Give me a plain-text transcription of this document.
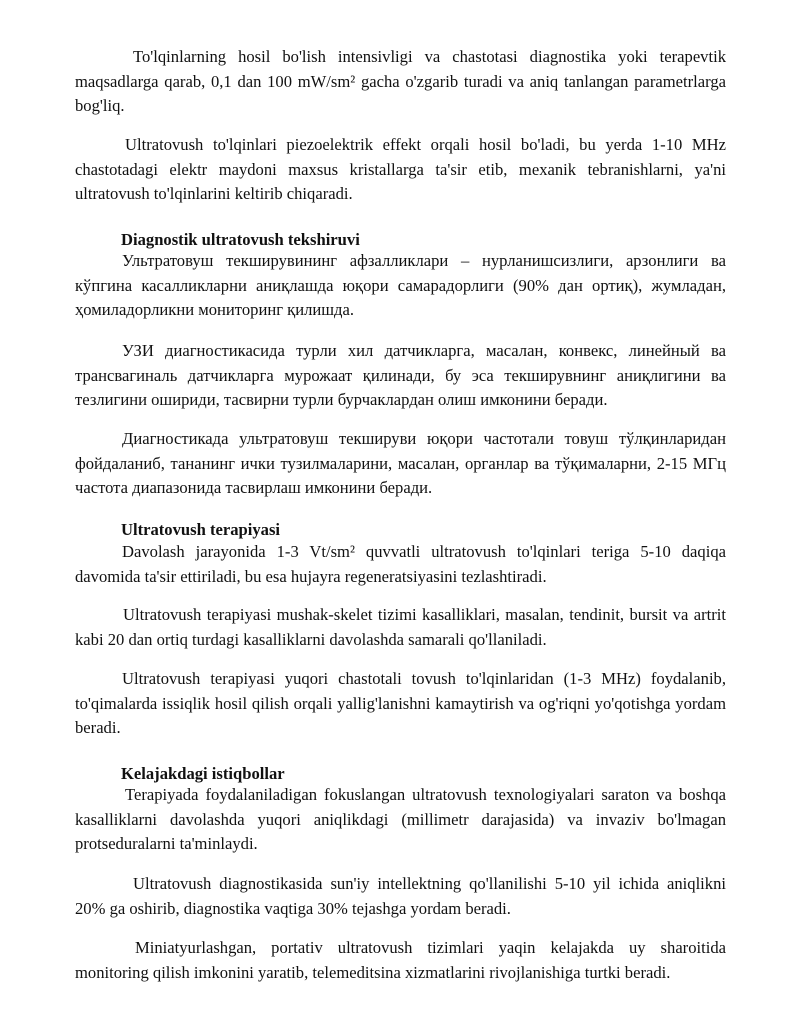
To'lqinlarning hosil bo'lish intensivligi va chastotasi diagnostika yoki terapevtik maqsadlarga qarab, 0,1 dan 100 mW/sm² gacha o'zgarib turadi va aniq tanlangan parametrlarga bog'liq.

Ultratovush to'lqinlari piezoelektrik effekt orqali hosil bo'ladi, bu yerda 1-10 MHz chastotadagi elektr maydoni maxsus kristallarga ta'sir etib, mexanik tebranishlarni, ya'ni ultratovush to'lqinlarini keltirib chiqaradi.

Diagnostik ultratovush tekshiruvi

Ультратовуш текширувининг афзалликлари – нурланишсизлиги, арзонлиги ва кўпгина касалликларни аниқлашда юқори самарадорлиги (90% дан ортиқ), жумладан, ҳомиладорликни мониторинг қилишда.

УЗИ диагностикасида турли хил датчикларга, масалан, конвекс, линейный ва трансвагиналь датчикларга мурожаат қилинади, бу эса текширувнинг аниқлигини ва тезлигини ошириди, тасвирни турли бурчаклардан олиш имконини беради.

Диагностикада ультратовуш текшируви юқори частотали товуш тўлқинларидан фойдаланиб, тананинг ички тузилмаларини, масалан, органлар ва тўқималарни, 2-15 МГц частота диапазонида тасвирлаш имконини беради.

Ultratovush terapiyasi

Davolash jarayonida 1-3 Vt/sm² quvvatli ultratovush to'lqinlari teriga 5-10 daqiqa davomida ta'sir ettiriladi, bu esa hujayra regeneratsiyasini tezlashtiradi.

Ultratovush terapiyasi mushak-skelet tizimi kasalliklari, masalan, tendinit, bursit va artrit kabi 20 dan ortiq turdagi kasalliklarni davolashda samarali qo'llaniladi.

Ultratovush terapiyasi yuqori chastotali tovush to'lqinlaridan (1-3 MHz) foydalanib, to'qimalarda issiqlik hosil qilish orqali yallig'lanishni kamaytirish va og'riqni yo'qotishga yordam beradi.

Kelajakdagi istiqbollar

Terapiyada foydalaniladigan fokuslangan ultratovush texnologiyalari saraton va boshqa kasalliklarni davolashda yuqori aniqlikdagi (millimetr darajasida) va invaziv bo'lmagan protseduralarni ta'minlaydi.

Ultratovush diagnostikasida sun'iy intellektning qo'llanilishi 5-10 yil ichida aniqlikni 20% ga oshirib, diagnostika vaqtiga 30% tejashga yordam beradi.

Miniatyurlashgan, portativ ultratovush tizimlari yaqin kelajakda uy sharoitida monitoring qilish imkonini yaratib, telemeditsina xizmatlarini rivojlanishiga turtki beradi.
